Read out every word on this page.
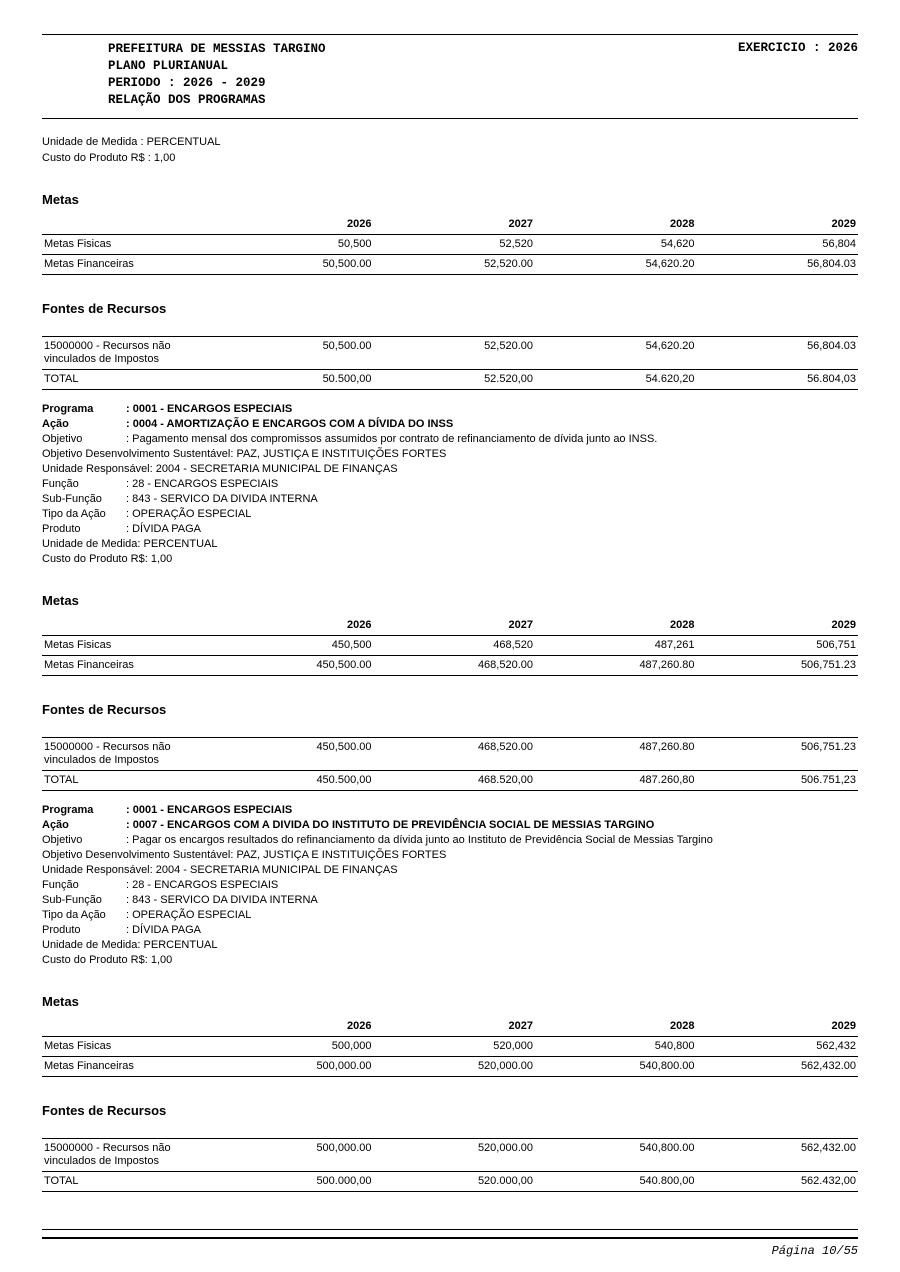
PREFEITURA DE MESSIAS TARGINO
PLANO PLURIANUAL
PERIODO : 2026 - 2029
RELAÇÃO DOS PROGRAMAS
EXERCICIO : 2026
Unidade de Medida : PERCENTUAL
Custo do Produto R$ : 1,00
Metas
	2026	2027	2028	2029
Metas Fisicas	50,500	52,520	54,620	56,804
Metas Financeiras	50,500.00	52,520.00	54,620.20	56,804.03
Fontes de Recursos
15000000 - Recursos não vinculados de Impostos	50,500.00	52,520.00	54,620.20	56,804.03
TOTAL	50.500,00	52.520,00	54.620,20	56.804,03
Programa	: 0001 - ENCARGOS ESPECIAIS
Ação	: 0004 - AMORTIZAÇÃO E ENCARGOS COM A DÍVIDA DO INSS
Objetivo	: Pagamento mensal dos compromissos assumidos por contrato de refinanciamento de dívida junto ao INSS.
Objetivo Desenvolvimento Sustentável : PAZ, JUSTIÇA E INSTITUIÇÕES FORTES
Unidade Responsável : 2004 - SECRETARIA MUNICIPAL DE FINANÇAS
Função	: 28 - ENCARGOS ESPECIAIS
Sub-Função	: 843 - SERVICO DA DIVIDA INTERNA
Tipo da Ação	: OPERAÇÃO ESPECIAL
Produto	: DÍVIDA PAGA
Unidade de Medida : PERCENTUAL
Custo do Produto R$ : 1,00
Metas
	2026	2027	2028	2029
Metas Fisicas	450,500	468,520	487,261	506,751
Metas Financeiras	450,500.00	468,520.00	487,260.80	506,751.23
Fontes de Recursos
15000000 - Recursos não vinculados de Impostos	450,500.00	468,520.00	487,260.80	506,751.23
TOTAL	450.500,00	468.520,00	487.260,80	506.751,23
Programa	: 0001 - ENCARGOS ESPECIAIS
Ação	: 0007 - ENCARGOS COM A DIVIDA DO INSTITUTO DE PREVIDÊNCIA SOCIAL DE MESSIAS TARGINO
Objetivo	: Pagar os encargos resultados do refinanciamento da dívida junto ao Instituto de Previdência Social de Messias Targino
Objetivo Desenvolvimento Sustentável : PAZ, JUSTIÇA E INSTITUIÇÕES FORTES
Unidade Responsável : 2004 - SECRETARIA MUNICIPAL DE FINANÇAS
Função	: 28 - ENCARGOS ESPECIAIS
Sub-Função	: 843 - SERVICO DA DIVIDA INTERNA
Tipo da Ação	: OPERAÇÃO ESPECIAL
Produto	: DÍVIDA PAGA
Unidade de Medida : PERCENTUAL
Custo do Produto R$ : 1,00
Metas
	2026	2027	2028	2029
Metas Fisicas	500,000	520,000	540,800	562,432
Metas Financeiras	500,000.00	520,000.00	540,800.00	562,432.00
Fontes de Recursos
15000000 - Recursos não vinculados de Impostos	500,000.00	520,000.00	540,800.00	562,432.00
TOTAL	500.000,00	520.000,00	540.800,00	562.432,00
Página 10/55
